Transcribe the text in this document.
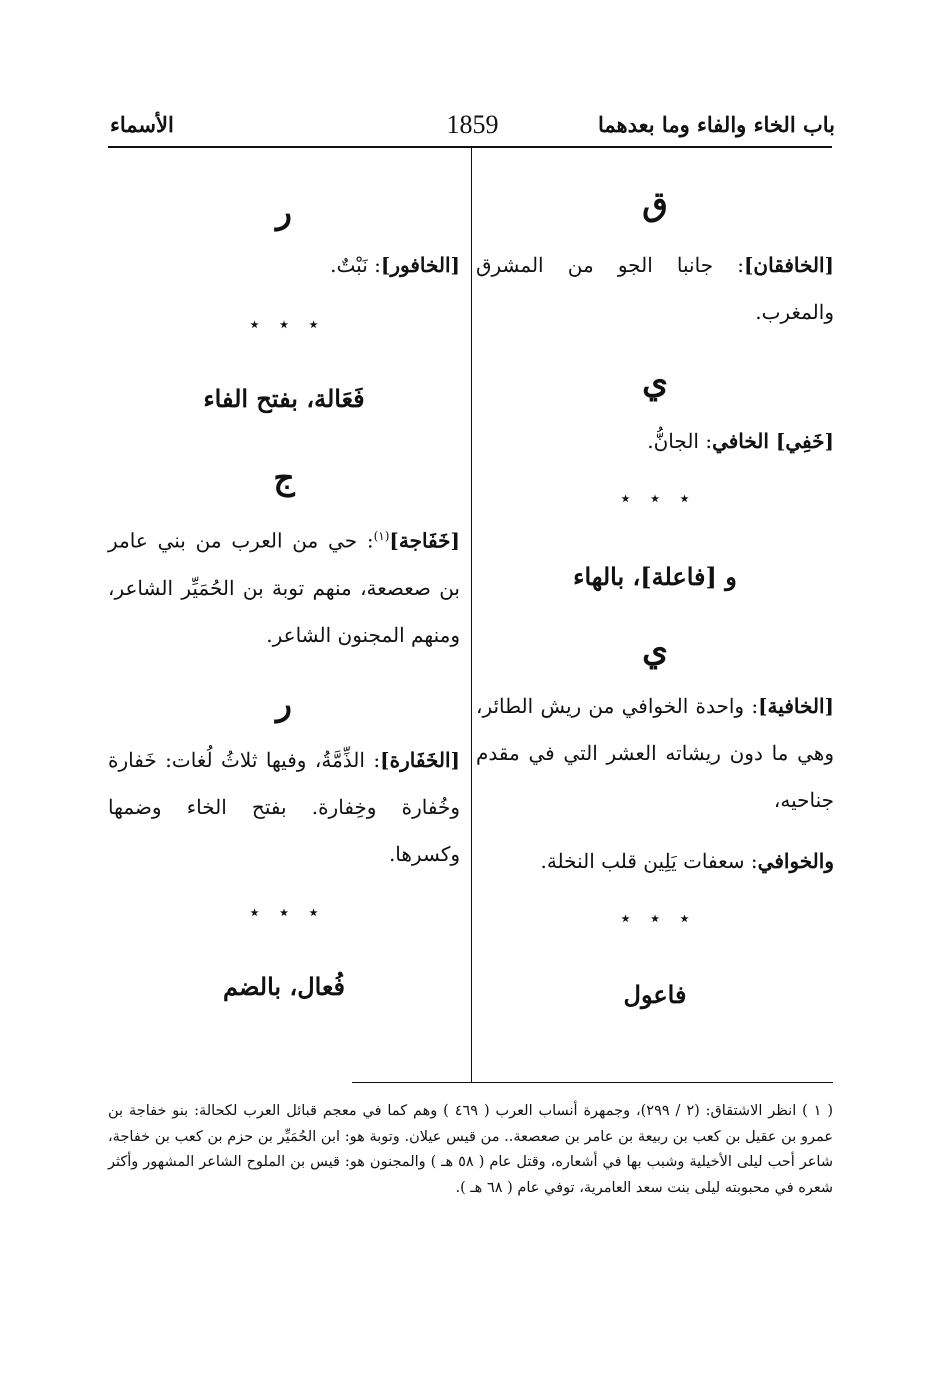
باب الخاء والفاء وما بعدهما
1859
الأسماء
ق
[الخافقان]: جانبا الجو من المشرق والمغرب.
ي
[خَفِي] الخافي: الجانُّ.
٭ ٭ ٭
و [فاعلة]، بالهاء
ي
[الخافية]: واحدة الخوافي من ريش الطائر، وهي ما دون ريشاته العشر التي في مقدم جناحيه،
والخوافي: سعفات يَلِين قلب النخلة.
٭ ٭ ٭
فاعول
ر
[الخافور]: نَبْتٌ.
٭ ٭ ٭
فَعَالة، بفتح الفاء
ج
[خَفَاجة]$^{(١)}$: حي من العرب من بني عامر بن صعصعة، منهم توبة بن الحُمَيِّر الشاعر، ومنهم المجنون الشاعر.
ر
[الخَفَارة]: الذِّمَّةُ، وفيها ثلاثُ لُغات: خَفارة وخُفارة وخِفارة. بفتح الخاء وضمها وكسرها.
٭ ٭ ٭
فُعال، بالضم
( ١ ) انظر الاشتقاق: (٢ / ٢٩٩)، وجمهرة أنساب العرب ( ٤٦٩ ) وهم كما في معجم قبائل العرب لكحالة: بنو خفاجة بن عمرو بن عقيل بن كعب بن ربيعة بن عامر بن صعصعة.. من قيس عيلان. وتوبة هو: ابن الحُمَيِّر بن حزم بن كعب بن خفاجة، شاعر أحب ليلى الأخيلية وشبب بها في أشعاره، وقتل عام ( ٥٨ هـ ) والمجنون هو: قيس بن الملوح الشاعر المشهور وأكثر شعره في محبوبته ليلى بنت سعد العامرية، توفي عام ( ٦٨ هـ ).
